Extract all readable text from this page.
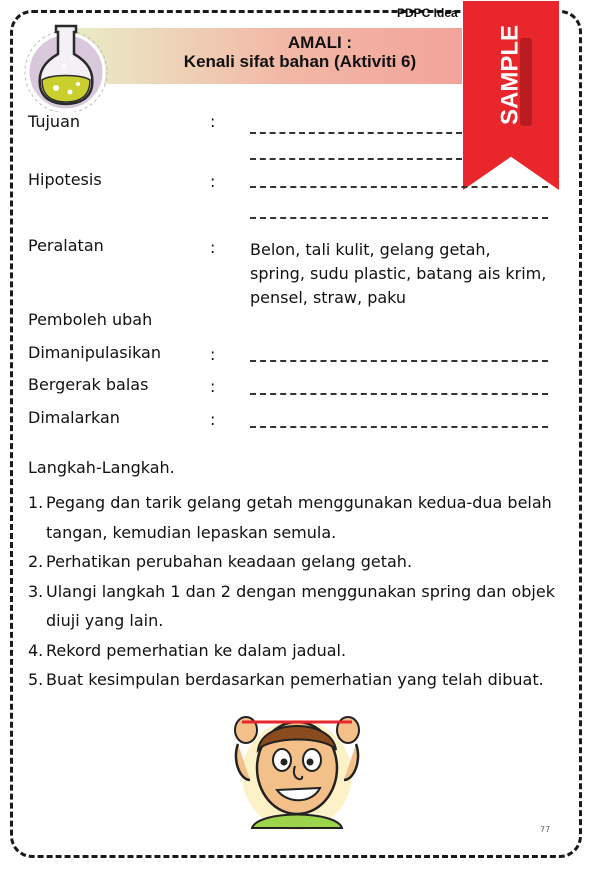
PDPC Idea
AMALI :
Kenali sifat bahan (Aktiviti 6)	SAMPLE
Tujuan	:
Hipotesis	:
Peralatan	: Belon, tali kulit, gelang getah, spring, sudu plastic, batang ais krim, pensel, straw, paku
Pemboleh ubah
Dimanipulasikan	:
Bergerak balas	:
Dimalarkan	:
Langkah-Langkah.
1. Pegang dan tarik gelang getah menggunakan kedua-dua belah tangan, kemudian lepaskan semula.
2. Perhatikan perubahan keadaan gelang getah.
3. Ulangi langkah 1 dan 2 dengan menggunakan spring dan objek diuji yang lain.
4. Rekord pemerhatian ke dalam jadual.
5. Buat kesimpulan berdasarkan pemerhatian yang telah dibuat.
77
